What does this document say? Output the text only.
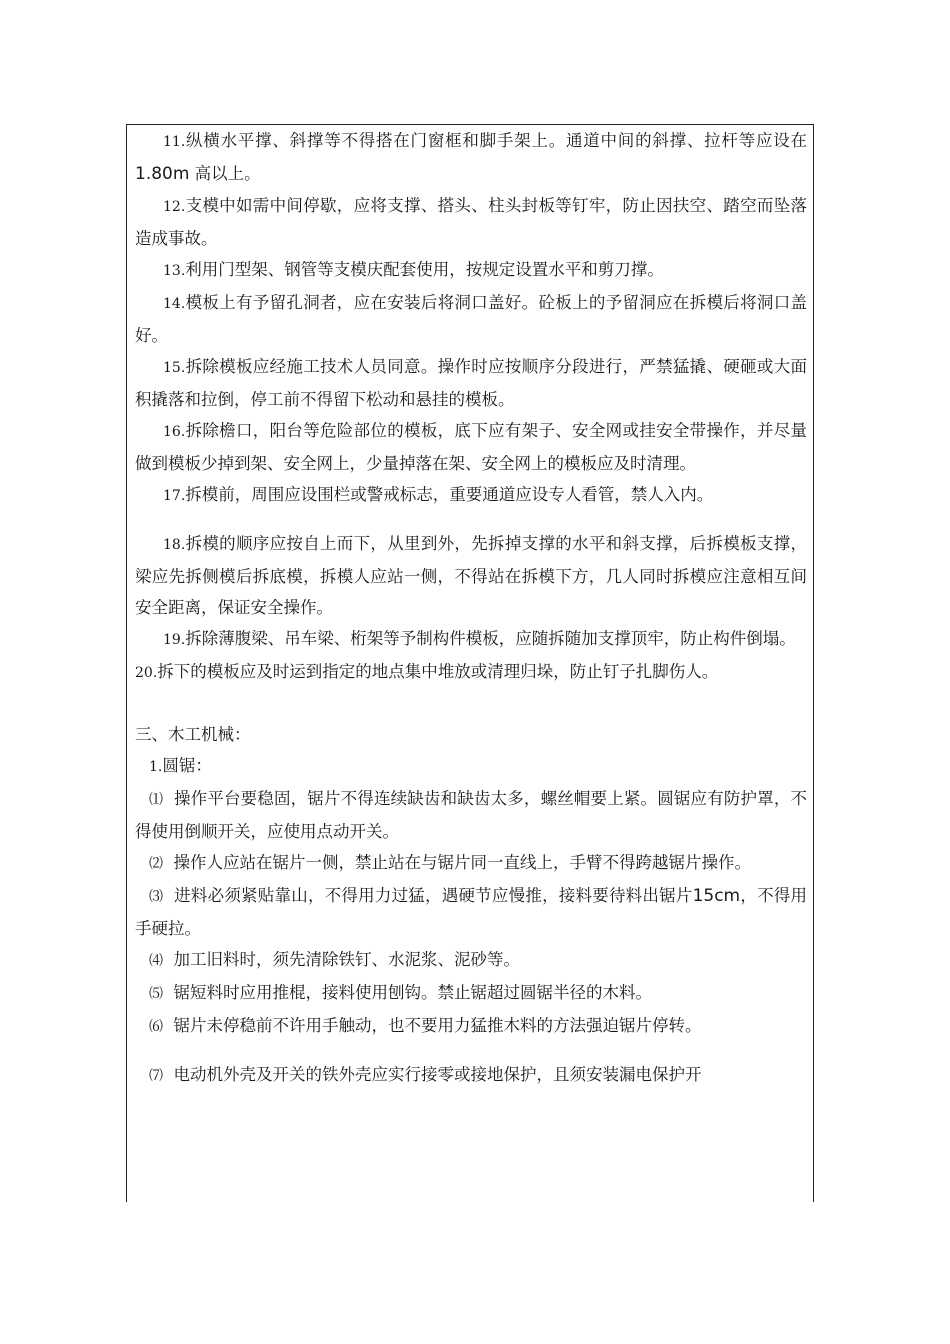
11.纵横水平撑、斜撑等不得搭在门窗框和脚手架上。通道中间的斜撑、拉杆等应设在 1.80m 高以上。

12.支模中如需中间停歇，应将支撑、搭头、柱头封板等钉牢，防止因扶空、踏空而坠落造成事故。

13.利用门型架、钢管等支模庆配套使用，按规定设置水平和剪刀撑。

14.模板上有予留孔洞者，应在安装后将洞口盖好。砼板上的予留洞应在拆模后将洞口盖好。

15.拆除模板应经施工技术人员同意。操作时应按顺序分段进行，严禁猛撬、硬砸或大面积撬落和拉倒，停工前不得留下松动和悬挂的模板。

16.拆除檐口，阳台等危险部位的模板，底下应有架子、安全网或挂安全带操作，并尽量做到模板少掉到架、安全网上，少量掉落在架、安全网上的模板应及时清理。

17.拆模前，周围应设围栏或警戒标志，重要通道应设专人看管，禁人入内。

18.拆模的顺序应按自上而下，从里到外，先拆掉支撑的水平和斜支撑，后拆模板支撑，梁应先拆侧模后拆底模，拆模人应站一侧，不得站在拆模下方，几人同时拆模应注意相互间安全距离，保证安全操作。

19.拆除薄腹梁、吊车梁、桁架等予制构件模板，应随拆随加支撑顶牢，防止构件倒塌。

20.拆下的模板应及时运到指定的地点集中堆放或清理归垛，防止钉子扎脚伤人。

三、木工机械：

1.圆锯：

⑴ 操作平台要稳固，锯片不得连续缺齿和缺齿太多，螺丝帽要上紧。圆锯应有防护罩，不得使用倒顺开关，应使用点动开关。

⑵ 操作人应站在锯片一侧，禁止站在与锯片同一直线上，手臂不得跨越锯片操作。

⑶ 进料必须紧贴靠山，不得用力过猛，遇硬节应慢推，接料要待料出锯片15cm，不得用手硬拉。

⑷ 加工旧料时，须先清除铁钉、水泥浆、泥砂等。

⑸ 锯短料时应用推棍，接料使用刨钩。禁止锯超过圆锯半径的木料。

⑹ 锯片未停稳前不许用手触动，也不要用力猛推木料的方法强迫锯片停转。

⑺ 电动机外壳及开关的铁外壳应实行接零或接地保护，且须安装漏电保护开
